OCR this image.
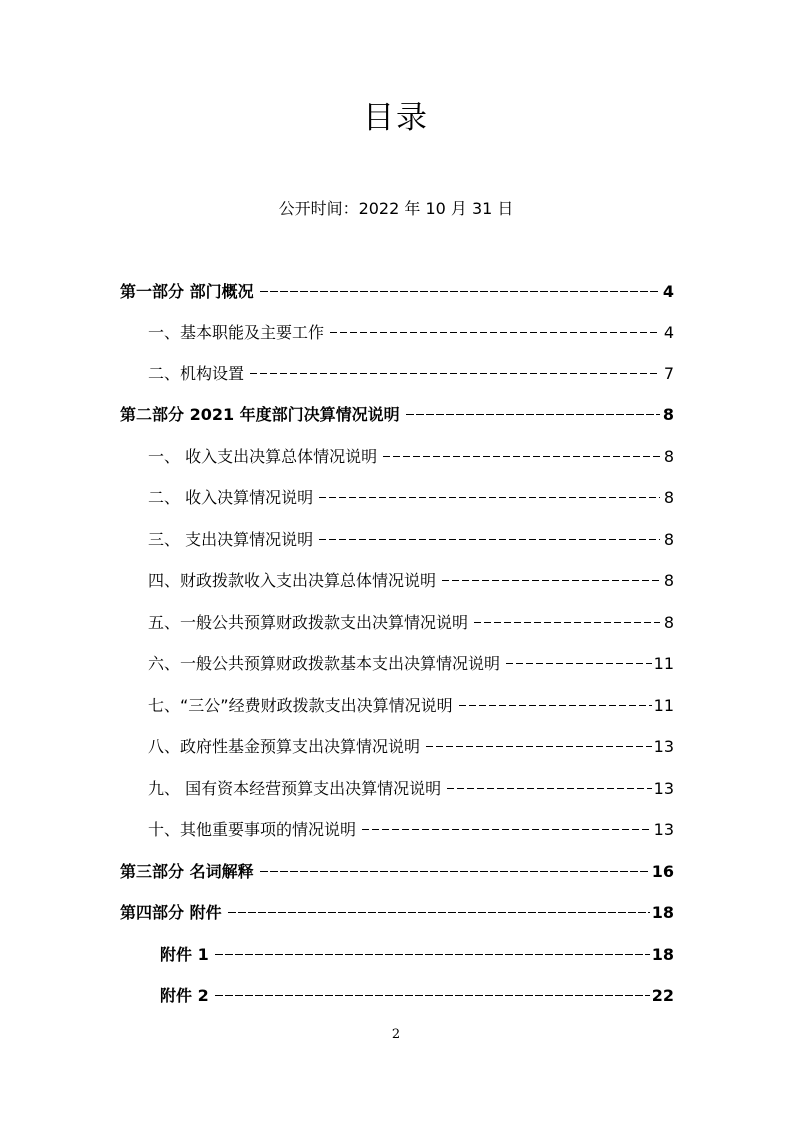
目录
公开时间：2022 年 10 月 31 日
第一部分 部门概况	4
一、基本职能及主要工作	4
二、机构设置	7
第二部分 2021 年度部门决算情况说明	8
一、 收入支出决算总体情况说明	8
二、 收入决算情况说明	8
三、 支出决算情况说明	8
四、财政拨款收入支出决算总体情况说明	8
五、一般公共预算财政拨款支出决算情况说明	8
六、一般公共预算财政拨款基本支出决算情况说明	11
七、“三公”经费财政拨款支出决算情况说明	11
八、政府性基金预算支出决算情况说明	13
九、 国有资本经营预算支出决算情况说明	13
十、其他重要事项的情况说明	13
第三部分 名词解释	16
第四部分 附件	18
附件 1	18
附件 2	22
2
